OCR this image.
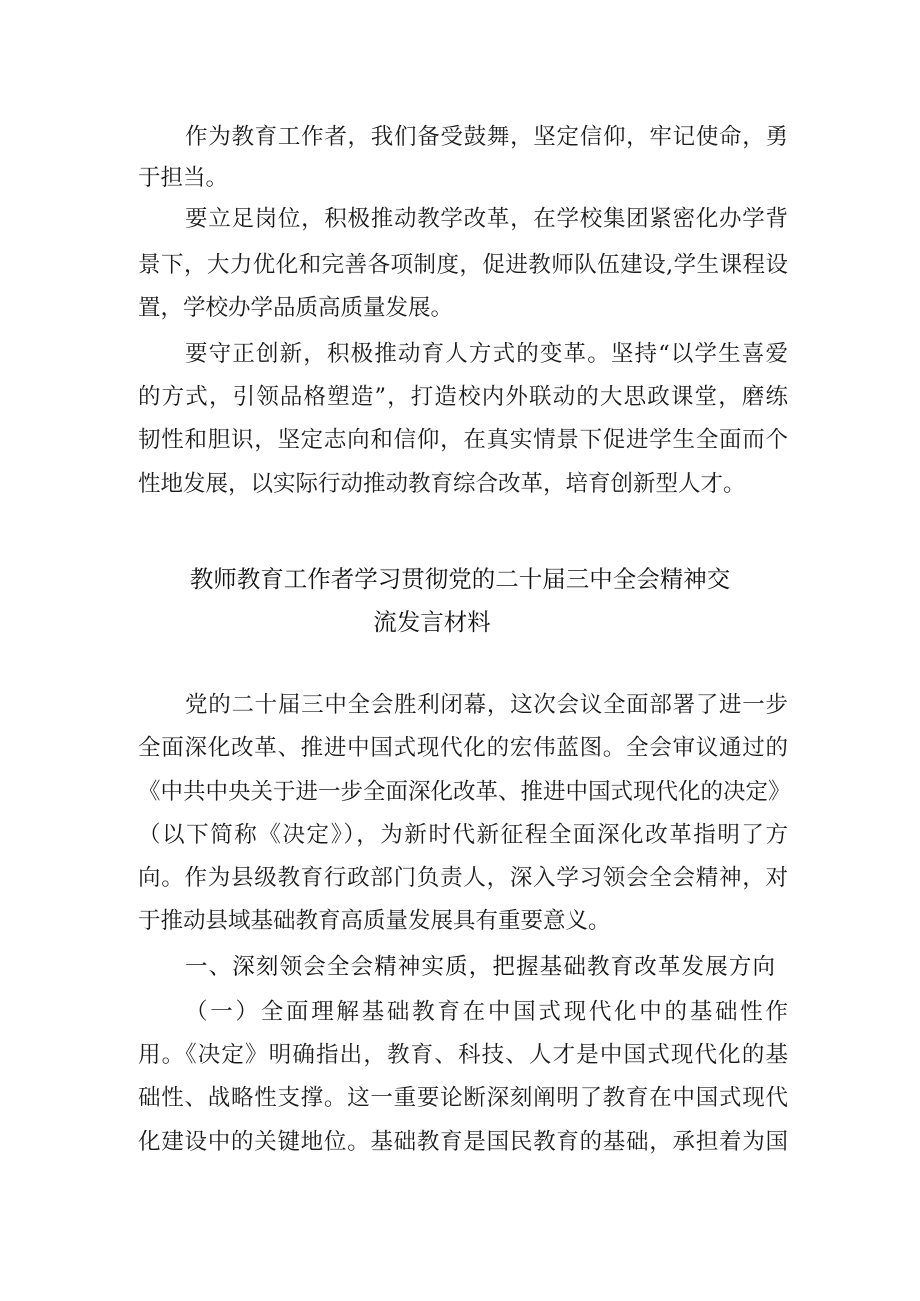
作为教育工作者，我们备受鼓舞，坚定信仰，牢记使命，勇
于担当。
要立足岗位，积极推动教学改革，在学校集团紧密化办学背
景下，大力优化和完善各项制度，促进教师队伍建设,学生课程设
置，学校办学品质高质量发展。
要守正创新，积极推动育人方式的变革。坚持“以学生喜爱
的方式，引领品格塑造”，打造校内外联动的大思政课堂，磨练
韧性和胆识，坚定志向和信仰，在真实情景下促进学生全面而个
性地发展，以实际行动推动教育综合改革，培育创新型人才。
教师教育工作者学习贯彻党的二十届三中全会精神交
流发言材料
党的二十届三中全会胜利闭幕，这次会议全面部署了进一步
全面深化改革、推进中国式现代化的宏伟蓝图。全会审议通过的
《中共中央关于进一步全面深化改革、推进中国式现代化的决定》
（以下简称《决定》），为新时代新征程全面深化改革指明了方
向。作为县级教育行政部门负责人，深入学习领会全会精神，对
于推动县域基础教育高质量发展具有重要意义。
一、深刻领会全会精神实质，把握基础教育改革发展方向
（一）全面理解基础教育在中国式现代化中的基础性作
用。《决定》明确指出，教育、科技、人才是中国式现代化的基
础性、战略性支撑。这一重要论断深刻阐明了教育在中国式现代
化建设中的关键地位。基础教育是国民教育的基础，承担着为国
